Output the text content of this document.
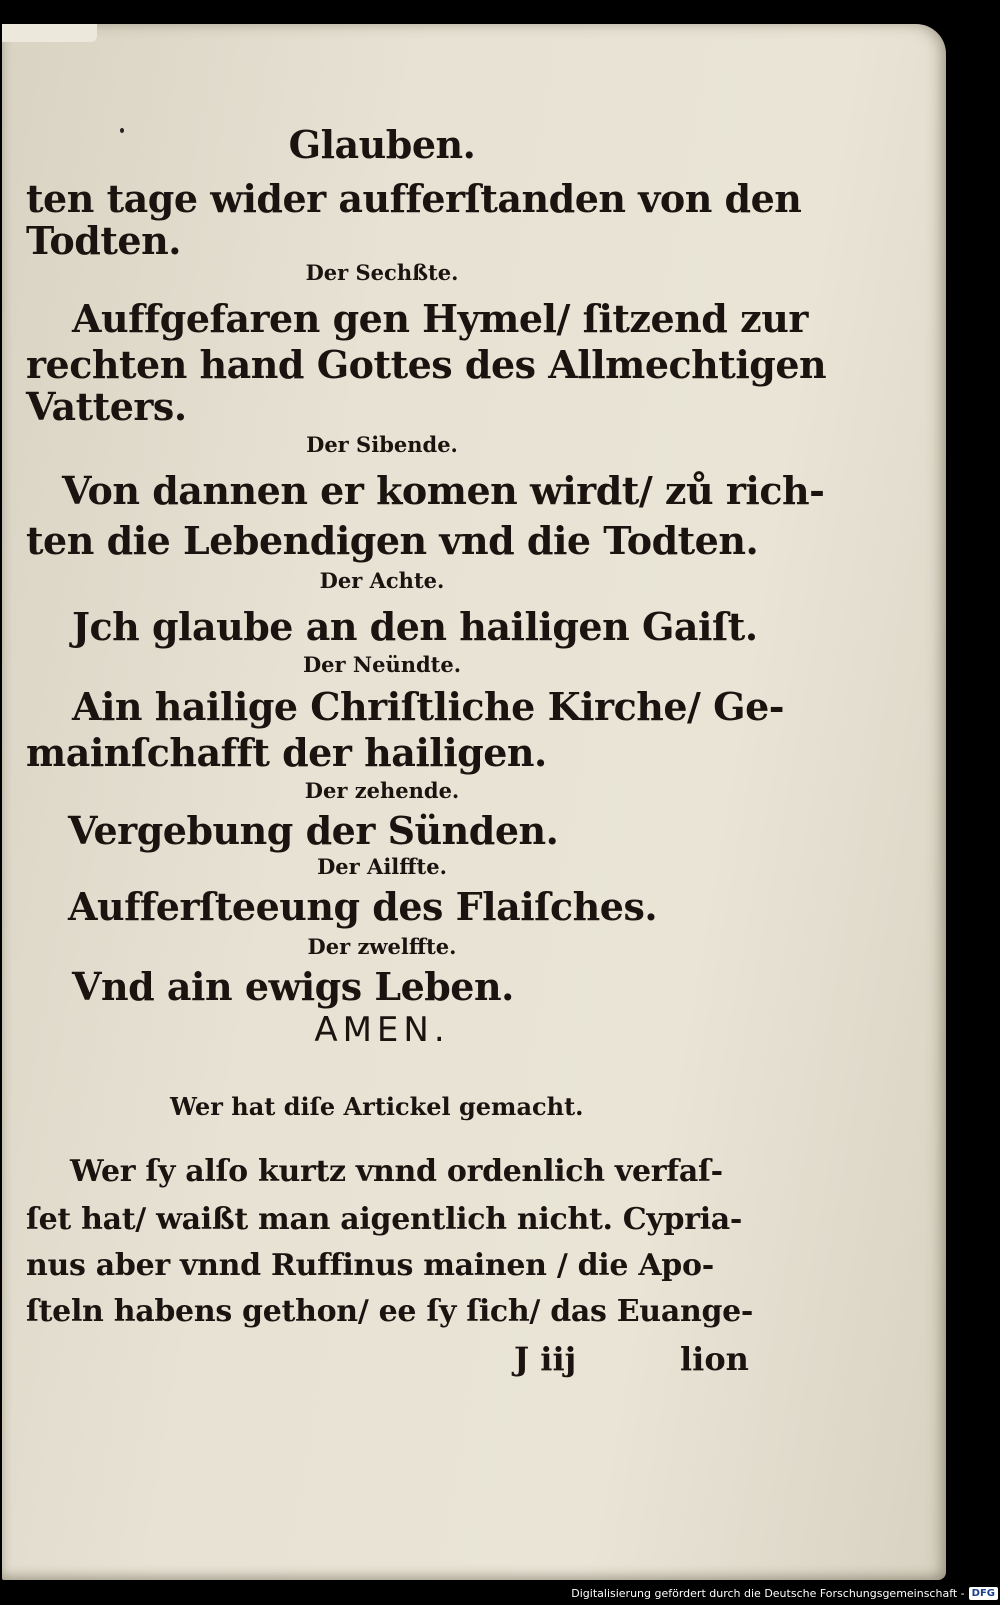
Glauben.
ten tage wider aufferſtanden von den
Todten.
Der Sechßte.
Auffgefaren gen Hymel/ ſitzend zur
rechten hand Gottes des Allmechtigen
Vatters.
Der Sibende.
Von dannen er komen wirdt/ zů rich-
ten die Lebendigen vnd die Todten.
Der Achte.
Jch glaube an den hailigen Gaiſt.
Der Neündte.
Ain hailige Chriſtliche Kirche/ Ge-
mainſchafft der hailigen.
Der zehende.
Vergebung der Sünden.
Der Ailffte.
Aufferſteeung des Flaiſches.
Der zwelffte.
Vnd ain ewigs Leben.
AMEN.
Wer hat diſe Artickel gemacht.
Wer ſy alſo kurtz vnnd ordenlich verfaſ-
ſet hat/ waißt man aigentlich nicht. Cypria-
nus aber vnnd Ruffinus mainen / die Apo-
ſteln habens gethon/ ee ſy ſich/ das Euange-
J iij	lion
Digitalisierung gefördert durch die Deutsche Forschungsgemeinschaft - DFG
